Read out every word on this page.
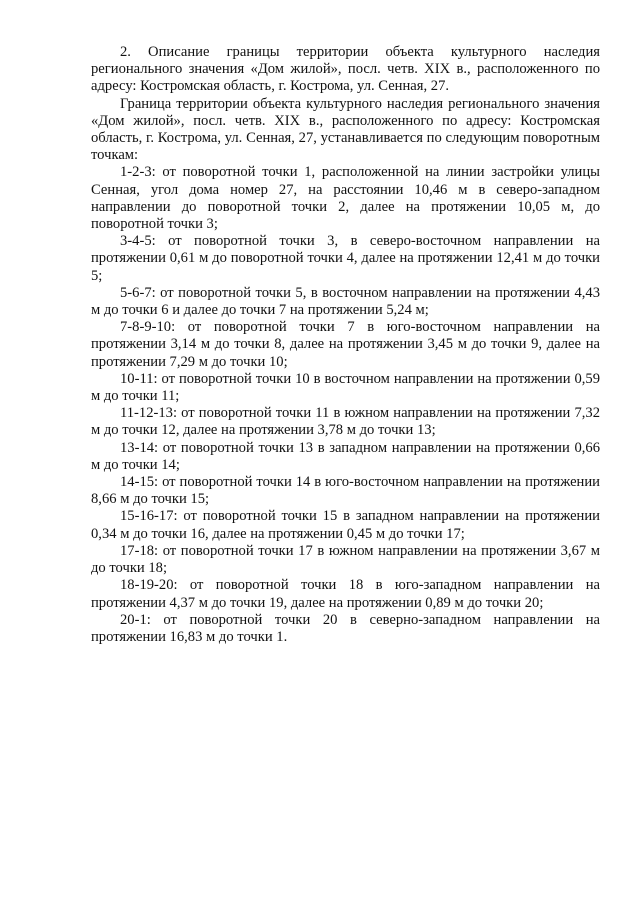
2. Описание границы территории объекта культурного наследия регионального значения «Дом жилой», посл. четв. XIX в., расположенного по адресу: Костромская область, г. Кострома, ул. Сенная, 27.

Граница территории объекта культурного наследия регионального значения «Дом жилой», посл. четв. XIX в., расположенного по адресу: Костромская область, г. Кострома, ул. Сенная, 27, устанавливается по следующим поворотным точкам:

1-2-3: от поворотной точки 1, расположенной на линии застройки улицы Сенная, угол дома номер 27, на расстоянии 10,46 м в северо-западном направлении до поворотной точки 2, далее на протяжении 10,05 м, до поворотной точки 3;

3-4-5: от поворотной точки 3, в северо-восточном направлении на протяжении 0,61 м до поворотной точки 4, далее на протяжении 12,41 м до точки 5;

5-6-7: от поворотной точки 5, в восточном направлении на протяжении 4,43 м до точки 6 и далее до точки 7 на протяжении 5,24 м;

7-8-9-10: от поворотной точки 7 в юго-восточном направлении на протяжении 3,14 м до точки 8, далее на протяжении 3,45 м до точки 9, далее на протяжении 7,29 м до точки 10;

10-11: от поворотной точки 10 в восточном направлении на протяжении 0,59 м до точки 11;

11-12-13: от поворотной точки 11 в южном направлении на протяжении 7,32 м до точки 12, далее на протяжении 3,78 м до точки 13;

13-14: от поворотной точки 13 в западном направлении на протяжении 0,66 м до точки 14;

14-15: от поворотной точки 14 в юго-восточном направлении на протяжении 8,66 м до точки 15;

15-16-17: от поворотной точки 15 в западном направлении на протяжении 0,34 м до точки 16, далее на протяжении 0,45 м до точки 17;

17-18: от поворотной точки 17 в южном направлении на протяжении 3,67 м до точки 18;

18-19-20: от поворотной точки 18 в юго-западном направлении на протяжении 4,37 м до точки 19, далее на протяжении 0,89 м до точки 20;

20-1: от поворотной точки 20 в северно-западном направлении на протяжении 16,83 м до точки 1.
